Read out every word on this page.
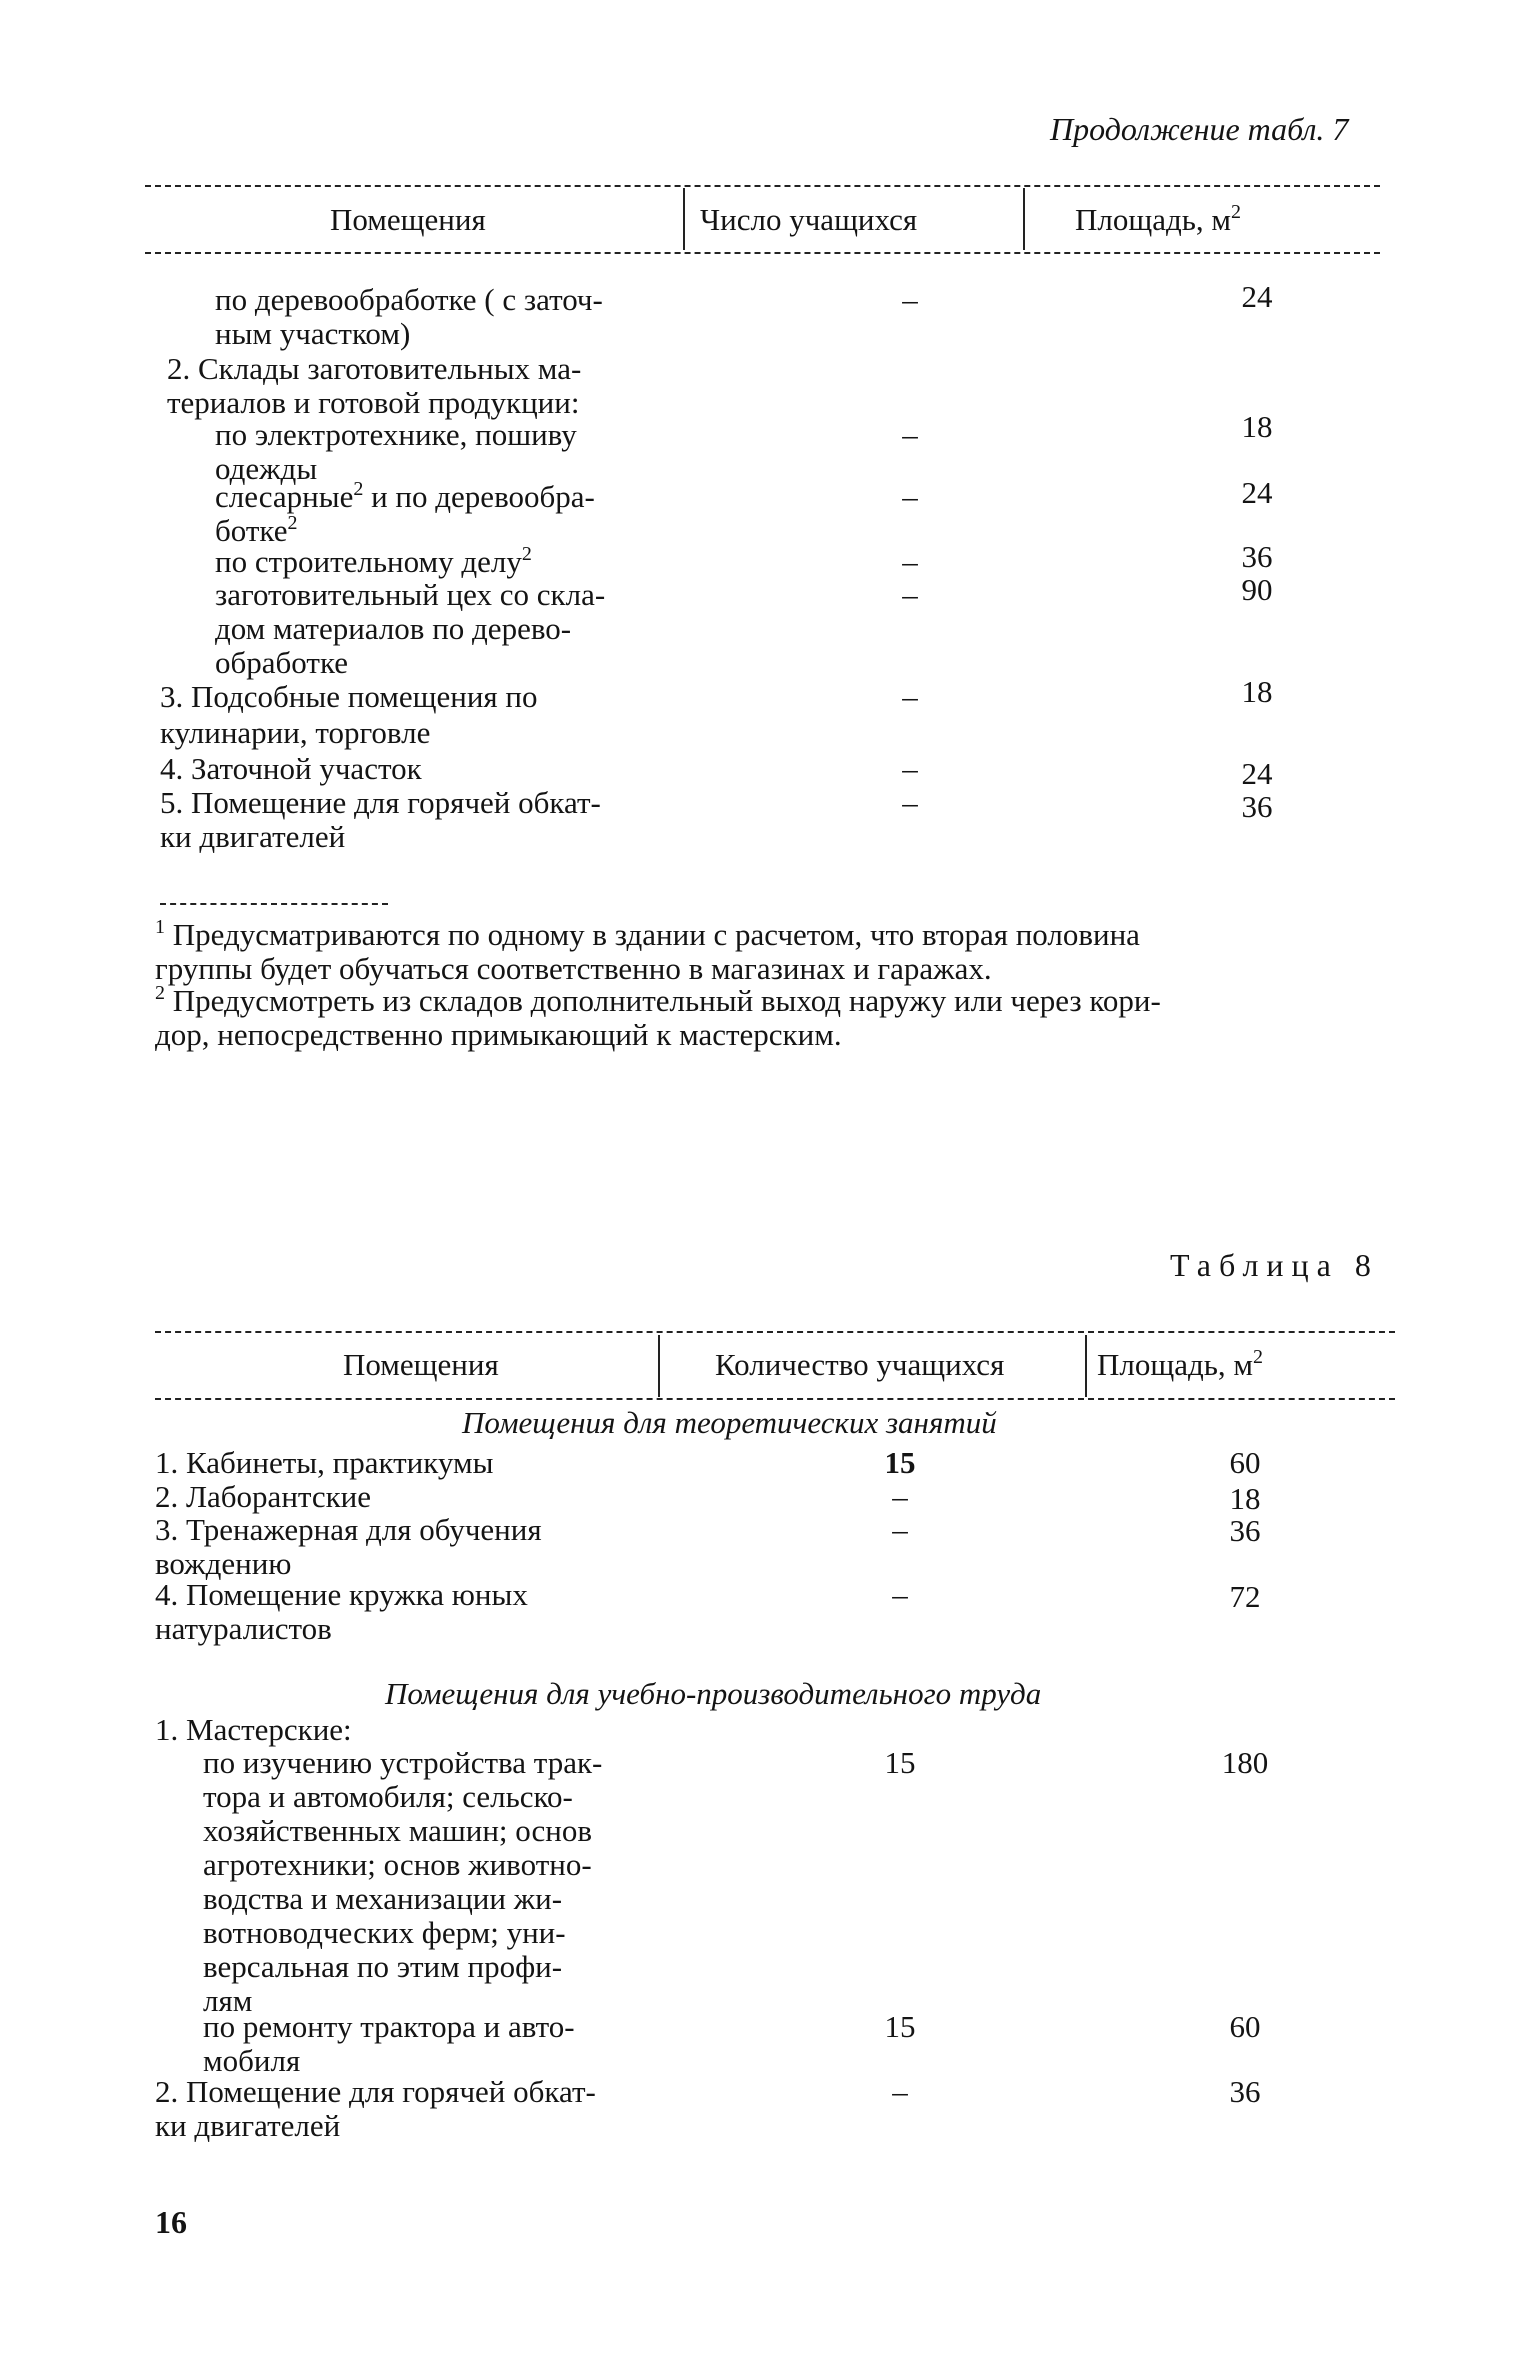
Продолжение табл. 7
Помещения	Число учащихся	Площадь, $м^2$
по деревообработке ( с заточ-
ным участком)
–	24
2. Склады заготовительных ма-
териалов и готовой продукции:
по электротехнике, пошиву
одежды
–	18
слесарные$^2$ и по деревообра-
ботке$^2$
–	24
по строительному делу$^2$	–	36
заготовительный цех со скла-
дом материалов по дерево-
обработке
–	90
3. Подсобные помещения по
кулинарии, торговле
–	18
4. Заточной участок	–	24
5. Помещение для горячей обкат-
ки двигателей
–	36
$^1$ Предусматриваются по одному в здании с расчетом, что вторая половина
группы будет обучаться соответственно в магазинах и гаражах.
$^2$ Предусмотреть из складов дополнительный выход наружу или через кори-
дор, непосредственно примыкающий к мастерским.
Таблица 8
Помещения	Количество учащихся	Площадь, $м^2$
Помещения для теоретических занятий
1. Кабинеты, практикумы	15	60
2. Лаборантские	–	18
3. Тренажерная для обучения
вождению
–	36
4. Помещение кружка юных
натуралистов
–	72
Помещения для учебно-производительного труда
1. Мастерские:
по изучению устройства трак-
тора и автомобиля; сельско-
хозяйственных машин; основ
агротехники; основ животно-
водства и механизации жи-
вотноводческих ферм; уни-
версальная по этим профи-
лям
15	180
по ремонту трактора и авто-
мобиля
15	60
2. Помещение для горячей обкат-
ки двигателей
–	36
16
